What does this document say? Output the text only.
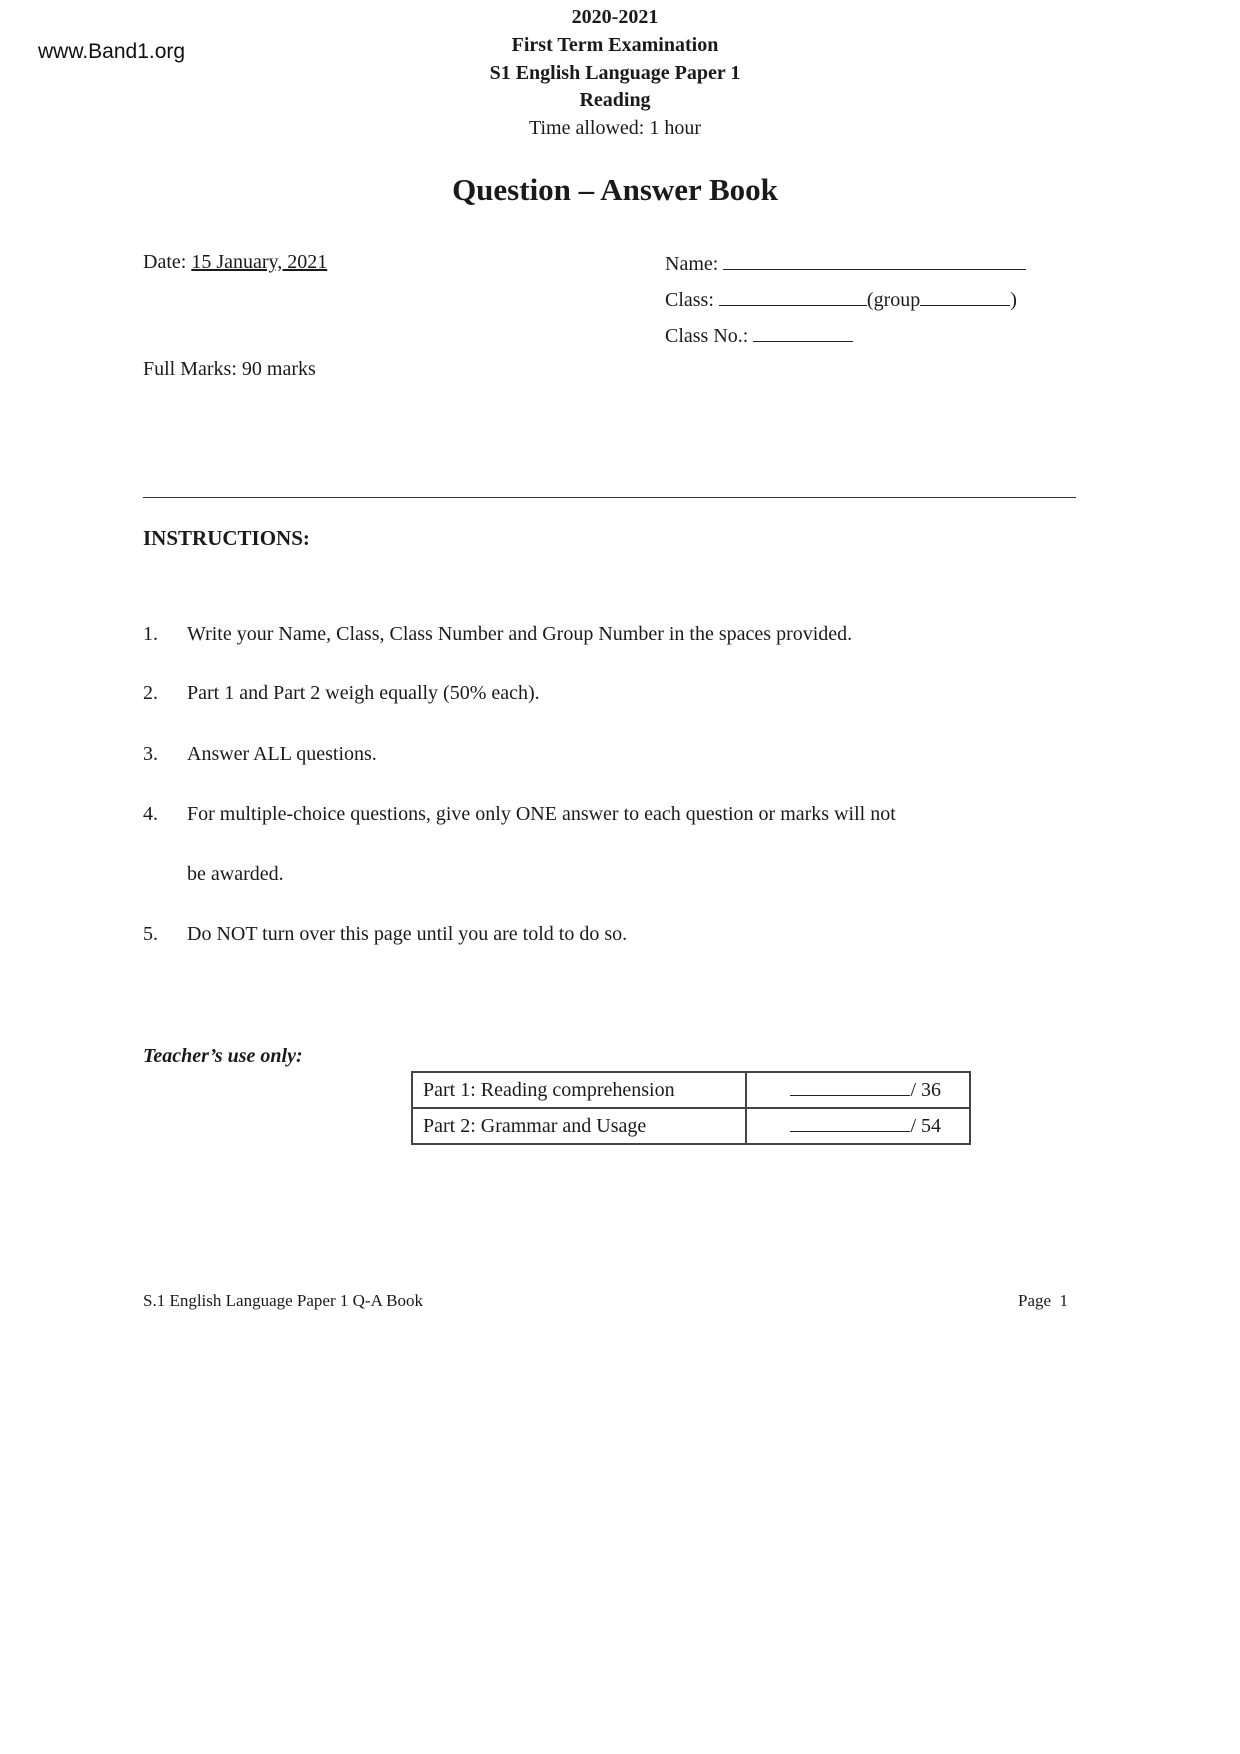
www.Band1.org
2020-2021
First Term Examination
S1 English Language Paper 1
Reading
Time allowed: 1 hour
Question – Answer Book
Date: 15 January, 2021
Full Marks: 90 marks
Name:
Class:	(group	)
Class No.:
INSTRUCTIONS:
1. Write your Name, Class, Class Number and Group Number in the spaces provided.
2. Part 1 and Part 2 weigh equally (50% each).
3. Answer ALL questions.
4. For multiple-choice questions, give only ONE answer to each question or marks will not
be awarded.
5. Do NOT turn over this page until you are told to do so.
Teacher’s use only:
Part 1: Reading comprehension	/ 36
Part 2: Grammar and Usage	/ 54
S.1 English Language Paper 1 Q-A Book	Page  1
